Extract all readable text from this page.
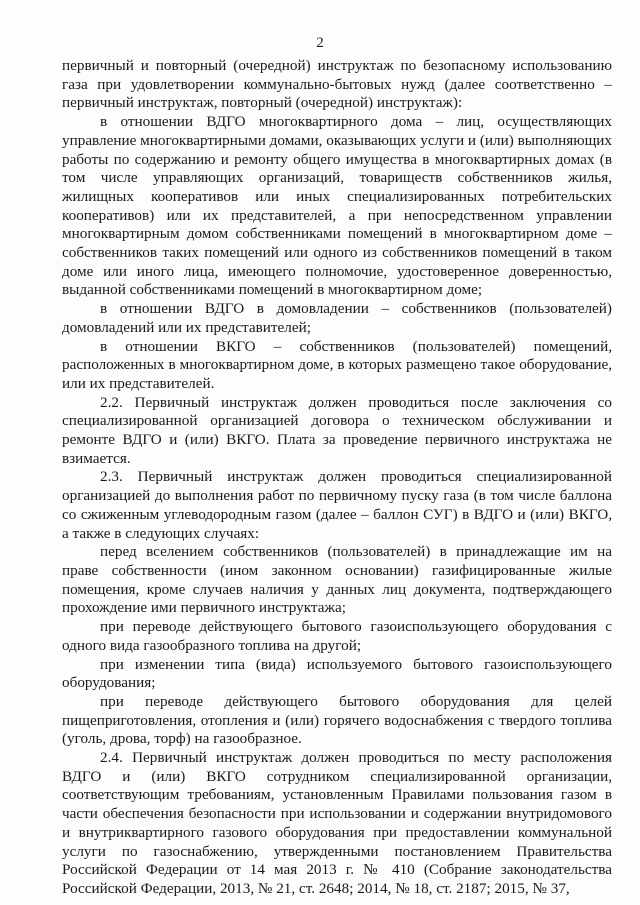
2

первичный и повторный (очередной) инструктаж по безопасному использованию газа при удовлетворении коммунально-бытовых нужд (далее соответственно – первичный инструктаж, повторный (очередной) инструктаж):

в отношении ВДГО многоквартирного дома – лиц, осуществляющих управление многоквартирными домами, оказывающих услуги и (или) выполняющих работы по содержанию и ремонту общего имущества в многоквартирных домах (в том числе управляющих организаций, товариществ собственников жилья, жилищных кооперативов или иных специализированных потребительских кооперативов) или их представителей, а при непосредственном управлении многоквартирным домом собственниками помещений в многоквартирном доме – собственников таких помещений или одного из собственников помещений в таком доме или иного лица, имеющего полномочие, удостоверенное доверенностью, выданной собственниками помещений в многоквартирном доме;

в отношении ВДГО в домовладении – собственников (пользователей) домовладений или их представителей;

в отношении ВКГО – собственников (пользователей) помещений, расположенных в многоквартирном доме, в которых размещено такое оборудование, или их представителей.

2.2. Первичный инструктаж должен проводиться после заключения со специализированной организацией договора о техническом обслуживании и ремонте ВДГО и (или) ВКГО. Плата за проведение первичного инструктажа не взимается.

2.3. Первичный инструктаж должен проводиться специализированной организацией до выполнения работ по первичному пуску газа (в том числе баллона со сжиженным углеводородным газом (далее – баллон СУГ) в ВДГО и (или) ВКГО, а также в следующих случаях:

перед вселением собственников (пользователей) в принадлежащие им на праве собственности (ином законном основании) газифицированные жилые помещения, кроме случаев наличия у данных лиц документа, подтверждающего прохождение ими первичного инструктажа;

при переводе действующего бытового газоиспользующего оборудования с одного вида газообразного топлива на другой;

при изменении типа (вида) используемого бытового газоиспользующего оборудования;

при переводе действующего бытового оборудования для целей пищеприготовления, отопления и (или) горячего водоснабжения с твердого топлива (уголь, дрова, торф) на газообразное.

2.4. Первичный инструктаж должен проводиться по месту расположения ВДГО и (или) ВКГО сотрудником специализированной организации, соответствующим требованиям, установленным Правилами пользования газом в части обеспечения безопасности при использовании и содержании внутридомового и внутриквартирного газового оборудования при предоставлении коммунальной услуги по газоснабжению, утвержденными постановлением Правительства Российской Федерации от 14 мая 2013 г. № 410 (Собрание законодательства Российской Федерации, 2013, № 21, ст. 2648; 2014, № 18, ст. 2187; 2015, № 37,
